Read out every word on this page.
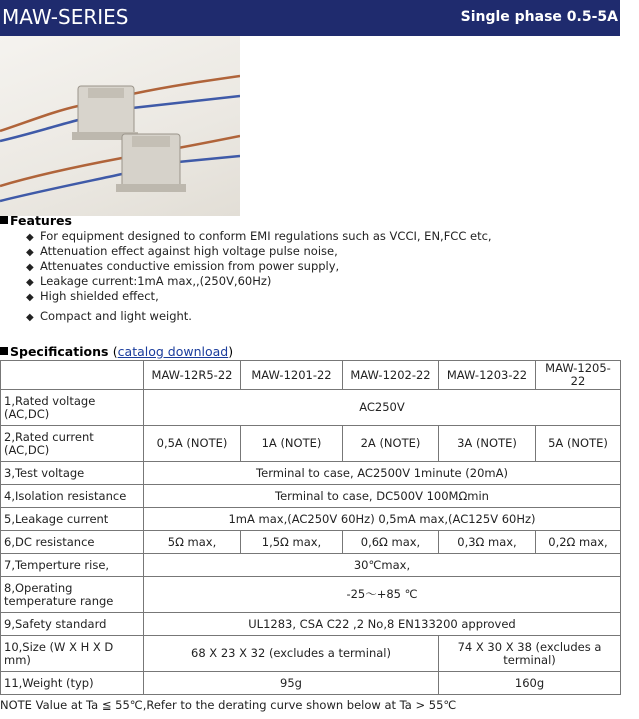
MAW-SERIES	Single phase 0.5-5A
Features
◆ For equipment designed to conform EMI regulations such as VCCI, EN,FCC etc,
◆ Attenuation effect against high voltage pulse noise,
◆ Attenuates conductive emission from power supply,
◆ Leakage current:1mA max,,(250V,60Hz)
◆ High shielded effect,
◆ Compact and light weight.
Specifications (catalog download)
	MAW-12R5-22	MAW-1201-22	MAW-1202-22	MAW-1203-22	MAW-1205-22
1,Rated voltage (AC,DC)	AC250V				
2,Rated current (AC,DC)	0,5A (NOTE)	1A (NOTE)	2A (NOTE)	3A (NOTE)	5A (NOTE)
3,Test voltage	Terminal to case, AC2500V 1minute (20mA)				
4,Isolation resistance	Terminal to case, DC500V 100MΩmin				
5,Leakage current	1mA max,(AC250V 60Hz) 0,5mA max,(AC125V 60Hz)				
6,DC resistance	5Ω max,	1,5Ω max,	0,6Ω max,	0,3Ω max,	0,2Ω max,
7,Temperture rise,	30℃max,				
8,Operating temperature range	-25〜+85 ℃				
9,Safety standard	UL1283, CSA C22 ,2 No,8 EN133200 approved				
10,Size (W X H X D mm)	68 X 23 X 32 (excludes a terminal)			74 X 30 X 38 (excludes a terminal)	
11,Weight (typ)	95g			160g	
NOTE Value at Ta ≦ 55℃,Refer to the derating curve shown below at Ta > 55℃
